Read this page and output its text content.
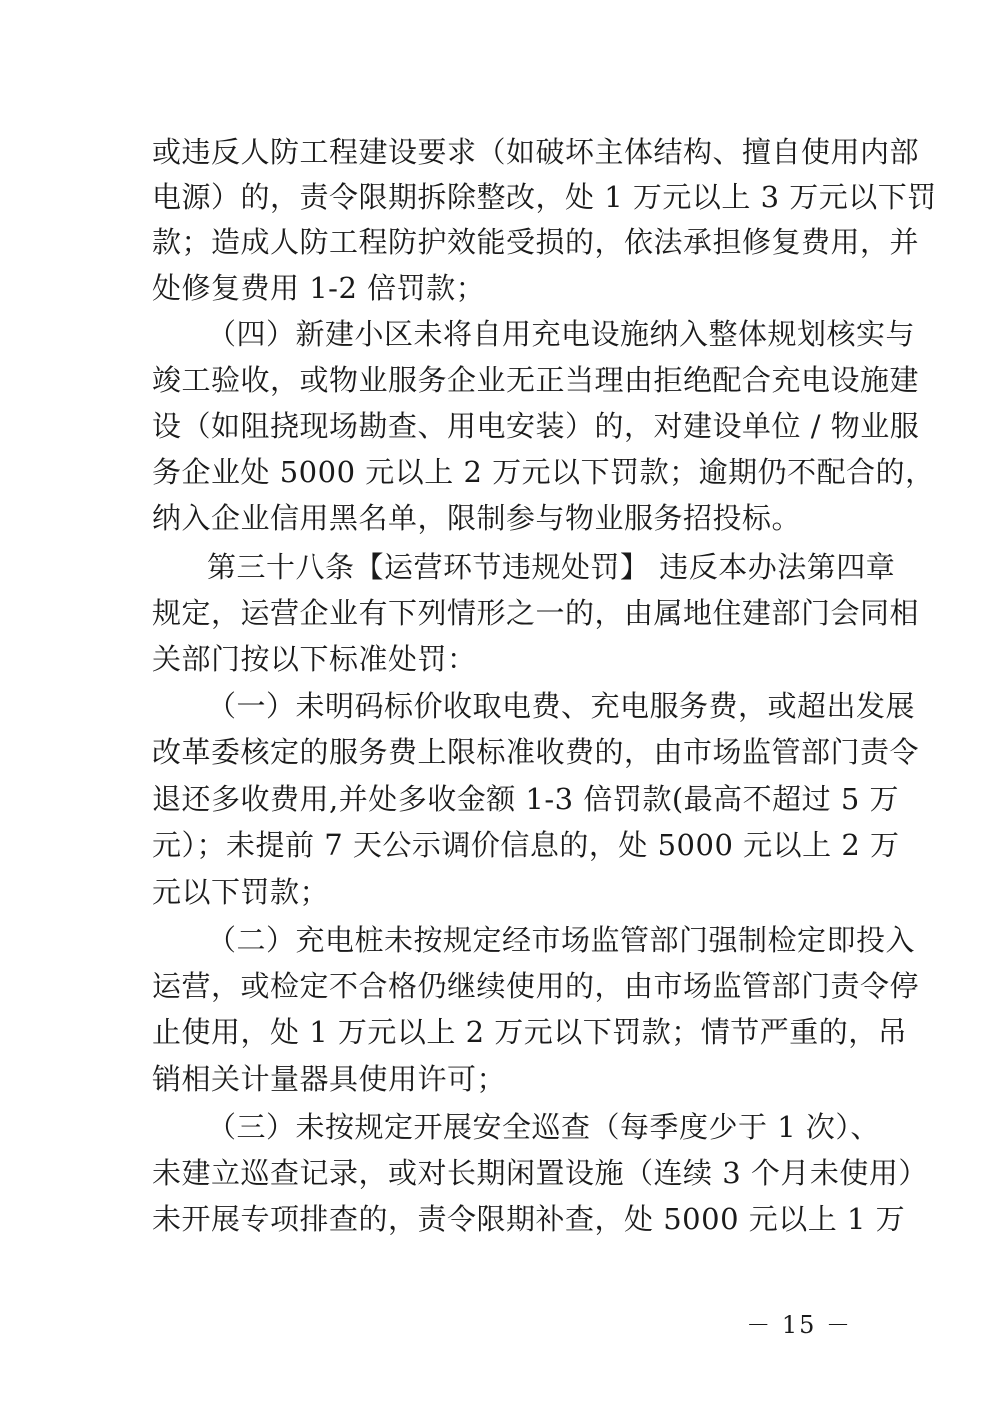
或违反人防工程建设要求（如破坏主体结构、擅自使用内部
电源）的，责令限期拆除整改，处 1 万元以上 3 万元以下罚
款；造成人防工程防护效能受损的，依法承担修复费用，并
处修复费用 1-2 倍罚款；
（四）新建小区未将自用充电设施纳入整体规划核实与
竣工验收，或物业服务企业无正当理由拒绝配合充电设施建
设（如阻挠现场勘查、用电安装）的，对建设单位 / 物业服
务企业处 5000 元以上 2 万元以下罚款；逾期仍不配合的，
纳入企业信用黑名单，限制参与物业服务招投标。
第三十八条【运营环节违规处罚】 违反本办法第四章
规定，运营企业有下列情形之一的，由属地住建部门会同相
关部门按以下标准处罚：
（一）未明码标价收取电费、充电服务费，或超出发展
改革委核定的服务费上限标准收费的，由市场监管部门责令
退还多收费用,并处多收金额 1-3 倍罚款(最高不超过 5 万
元）；未提前 7 天公示调价信息的，处 5000 元以上 2 万
元以下罚款；
（二）充电桩未按规定经市场监管部门强制检定即投入
运营，或检定不合格仍继续使用的，由市场监管部门责令停
止使用，处 1 万元以上 2 万元以下罚款；情节严重的，吊
销相关计量器具使用许可；
（三）未按规定开展安全巡查（每季度少于 1 次）、
未建立巡查记录，或对长期闲置设施（连续 3 个月未使用）
未开展专项排查的，责令限期补查，处 5000 元以上 1 万
－ 15 －
